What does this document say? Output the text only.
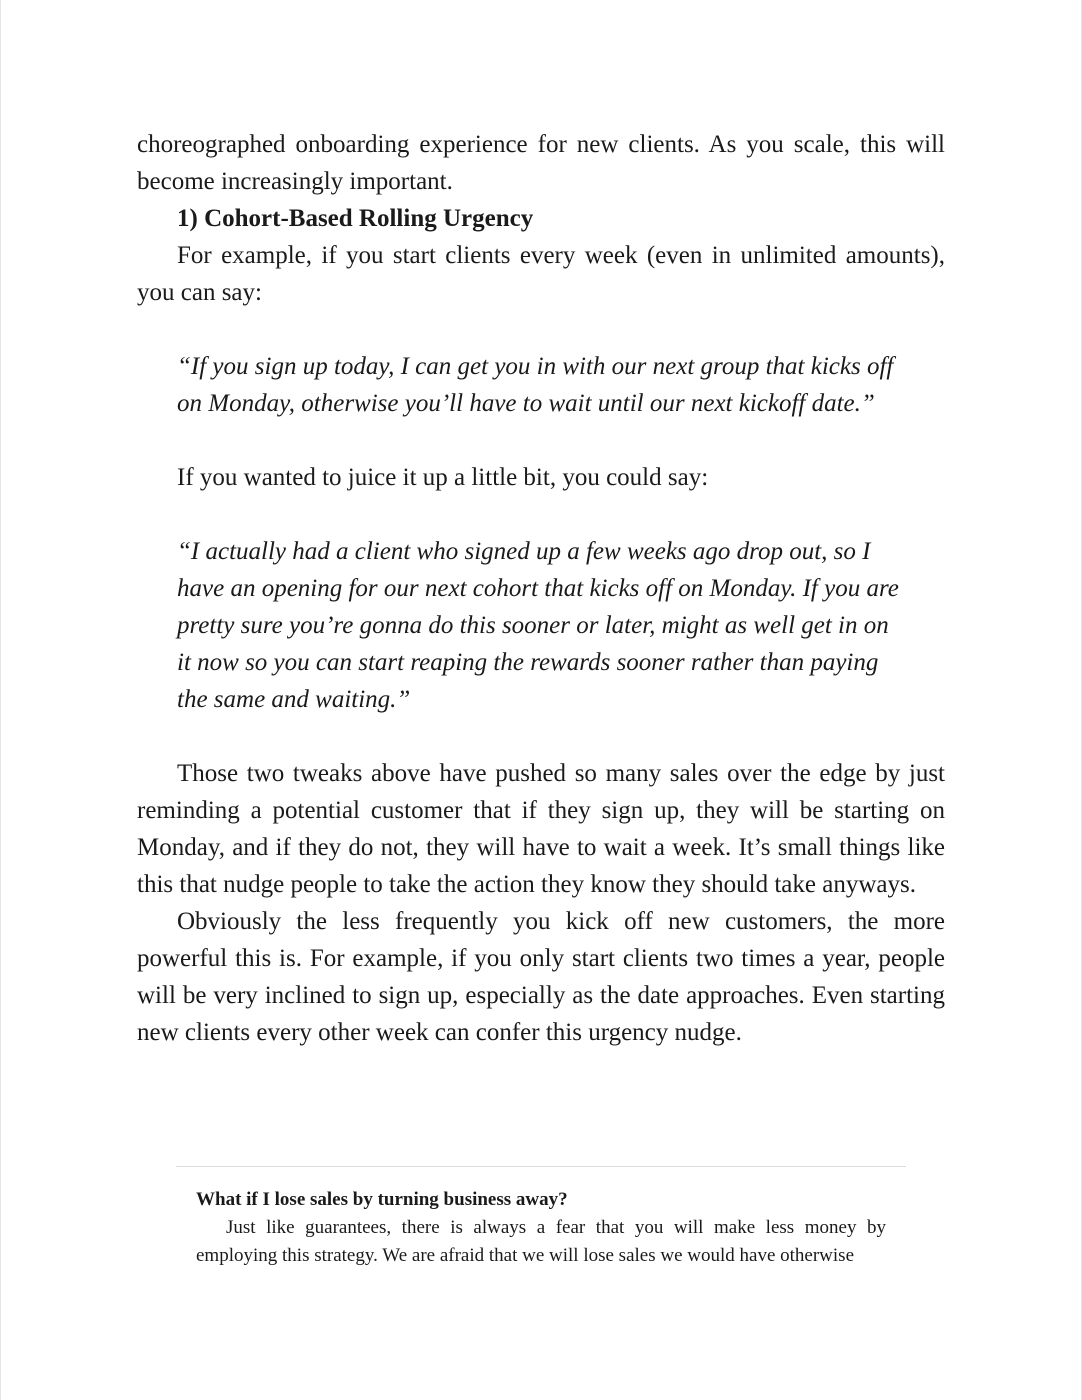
choreographed onboarding experience for new clients. As you scale, this will become increasingly important.

1) Cohort-Based Rolling Urgency

For example, if you start clients every week (even in unlimited amounts), you can say:

“If you sign up today, I can get you in with our next group that kicks off on Monday, otherwise you’ll have to wait until our next kickoff date.”

If you wanted to juice it up a little bit, you could say:

“I actually had a client who signed up a few weeks ago drop out, so I have an opening for our next cohort that kicks off on Monday. If you are pretty sure you’re gonna do this sooner or later, might as well get in on it now so you can start reaping the rewards sooner rather than paying the same and waiting.”

Those two tweaks above have pushed so many sales over the edge by just reminding a potential customer that if they sign up, they will be starting on Monday, and if they do not, they will have to wait a week. It’s small things like this that nudge people to take the action they know they should take anyways.

Obviously the less frequently you kick off new customers, the more powerful this is. For example, if you only start clients two times a year, people will be very inclined to sign up, especially as the date approaches. Even starting new clients every other week can confer this urgency nudge.

What if I lose sales by turning business away?

Just like guarantees, there is always a fear that you will make less money by employing this strategy. We are afraid that we will lose sales we would have otherwise
